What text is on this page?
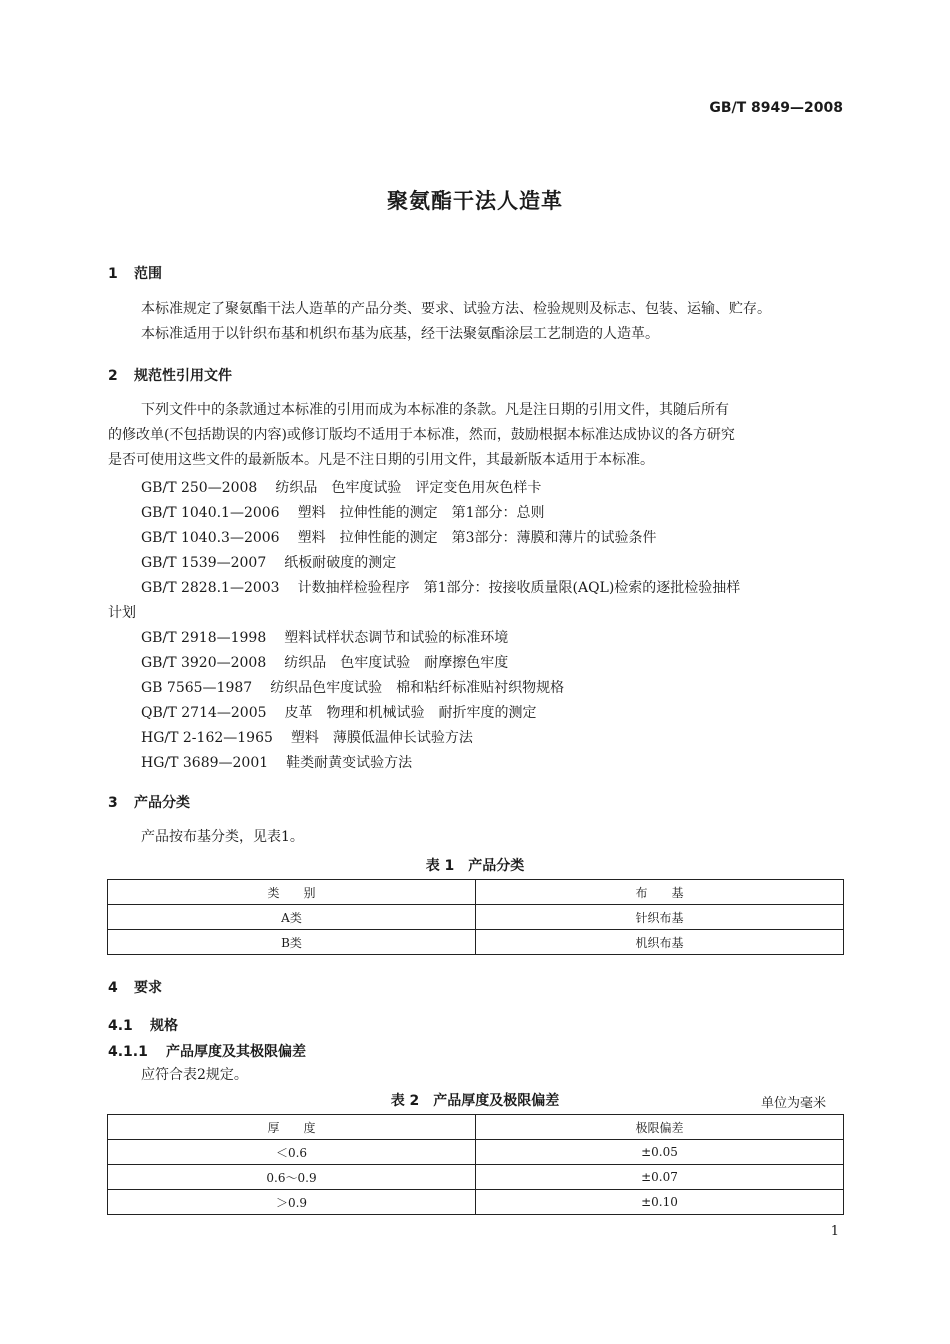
GB/T 8949—2008
聚氨酯干法人造革
1 范围
本标准规定了聚氨酯干法人造革的产品分类、要求、试验方法、检验规则及标志、包装、运输、贮存。
本标准适用于以针织布基和机织布基为底基，经干法聚氨酯涂层工艺制造的人造革。
2 规范性引用文件
下列文件中的条款通过本标准的引用而成为本标准的条款。凡是注日期的引用文件，其随后所有
的修改单(不包括勘误的内容)或修订版均不适用于本标准，然而，鼓励根据本标准达成协议的各方研究
是否可使用这些文件的最新版本。凡是不注日期的引用文件，其最新版本适用于本标准。
GB/T 250—2008 纺织品　色牢度试验　评定变色用灰色样卡
GB/T 1040.1—2006 塑料　拉伸性能的测定　第1部分：总则
GB/T 1040.3—2006 塑料　拉伸性能的测定　第3部分：薄膜和薄片的试验条件
GB/T 1539—2007 纸板耐破度的测定
GB/T 2828.1—2003 计数抽样检验程序　第1部分：按接收质量限(AQL)检索的逐批检验抽样
计划
GB/T 2918—1998 塑料试样状态调节和试验的标准环境
GB/T 3920—2008 纺织品　色牢度试验　耐摩擦色牢度
GB 7565—1987 纺织品色牢度试验　棉和粘纤标准贴衬织物规格
QB/T 2714—2005 皮革　物理和机械试验　耐折牢度的测定
HG/T 2-162—1965 塑料　薄膜低温伸长试验方法
HG/T 3689—2001 鞋类耐黄变试验方法
3 产品分类
产品按布基分类，见表1。
表 1　产品分类
类　　别	布　　基
A类	针织布基
B类	机织布基
4 要求
4.1 规格
4.1.1 产品厚度及其极限偏差
应符合表2规定。
表 2　产品厚度及极限偏差	单位为毫米
厚　　度	极限偏差
＜0.6	±0.05
0.6～0.9	±0.07
＞0.9	±0.10
1
